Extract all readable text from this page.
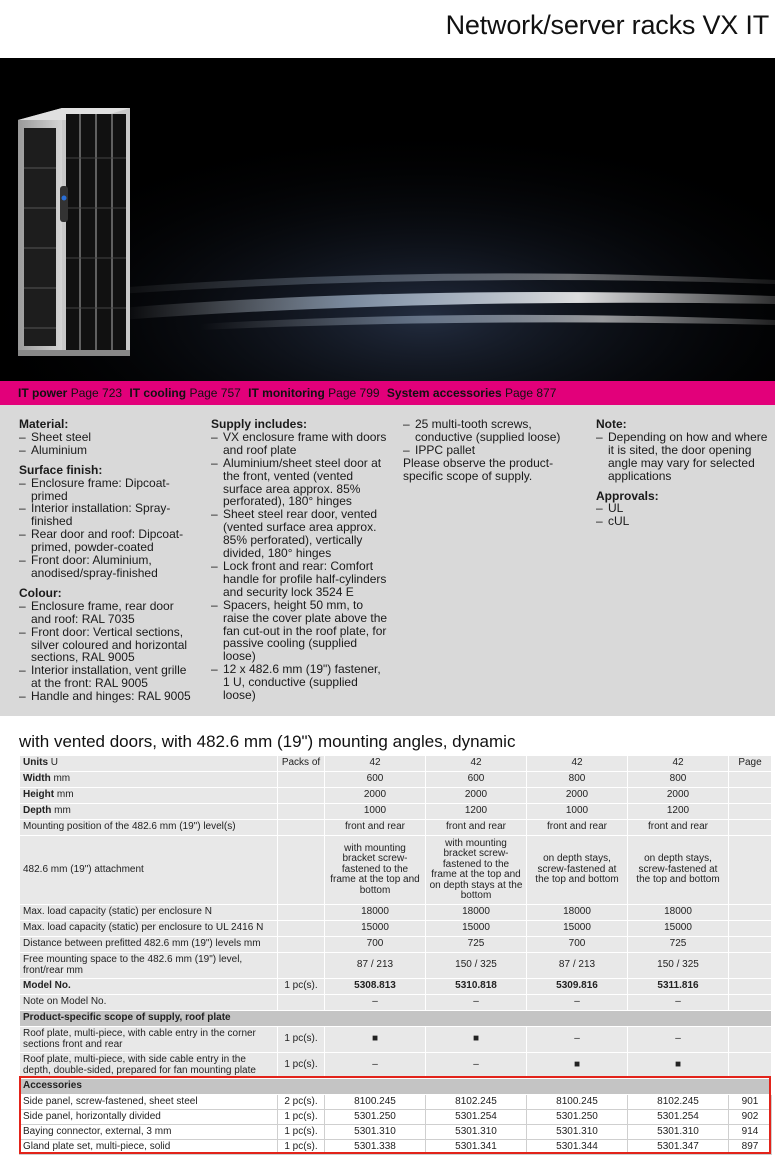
Network/server racks VX IT
IT power Page 723 IT cooling Page 757 IT monitoring Page 799 System accessories Page 877
Material:
– Sheet steel
– Aluminium
Surface finish:
– Enclosure frame: Dipcoat-primed
– Interior installation: Spray-finished
– Rear door and roof: Dipcoat-primed, powder-coated
– Front door: Aluminium, anodised/spray-finished
Colour:
– Enclosure frame, rear door and roof: RAL 7035
– Front door: Vertical sections, silver coloured and horizontal sections, RAL 9005
– Interior installation, vent grille at the front: RAL 9005
– Handle and hinges: RAL 9005
Supply includes:
– VX enclosure frame with doors and roof plate
– Aluminium/sheet steel door at the front, vented (vented surface area approx. 85% perforated), 180° hinges
– Sheet steel rear door, vented (vented surface area approx. 85% perforated), vertically divided, 180° hinges
– Lock front and rear: Comfort handle for profile half-cylinders and security lock 3524 E
– Spacers, height 50 mm, to raise the cover plate above the fan cut-out in the roof plate, for passive cooling (supplied loose)
– 12 x 482.6 mm (19") fastener, 1 U, conductive (supplied loose)
– 25 multi-tooth screws, conductive (supplied loose)
– IPPC pallet

Please observe the product-specific scope of supply.

Note:
– Depending on how and where it is sited, the door opening angle may vary for selected applications
Approvals:
– UL
– cUL
with vented doors, with 482.6 mm (19") mounting angles, dynamic
Units U	Packs of	42	42	42	42	Page
Width mm		600	600	800	800	
Height mm		2000	2000	2000	2000	
Depth mm		1000	1200	1000	1200	
Mounting position of the 482.6 mm (19") level(s)		front and rear	front and rear	front and rear	front and rear	
482.6 mm (19") attachment		with mounting bracket screw-fastened to the frame at the top and bottom	with mounting bracket screw-fastened to the frame at the top and on depth stays at the bottom	on depth stays, screw-fastened at the top and bottom	on depth stays, screw-fastened at the top and bottom	
Max. load capacity (static) per enclosure N		18000	18000	18000	18000	
Max. load capacity (static) per enclosure to UL 2416 N		15000	15000	15000	15000	
Distance between prefitted 482.6 mm (19") levels mm		700	725	700	725	
Free mounting space to the 482.6 mm (19") level, front/rear mm		87 / 213	150 / 325	87 / 213	150 / 325	
Model No.	1 pc(s).	5308.813	5310.818	5309.816	5311.816	
Note on Model No.		–	–	–	–	
Product-specific scope of supply, roof plate						
Roof plate, multi-piece, with cable entry in the corner sections front and rear	1 pc(s).	■	■	–	–	
Roof plate, multi-piece, with side cable entry in the depth, double-sided, prepared for fan mounting plate	1 pc(s).	–	–	■	■	
Accessories						
Side panel, screw-fastened, sheet steel	2 pc(s).	8100.245	8102.245	8100.245	8102.245	901
Side panel, horizontally divided	1 pc(s).	5301.250	5301.254	5301.250	5301.254	902
Baying connector, external, 3 mm	1 pc(s).	5301.310	5301.310	5301.310	5301.310	914
Gland plate set, multi-piece, solid	1 pc(s).	5301.338	5301.341	5301.344	5301.347	897
